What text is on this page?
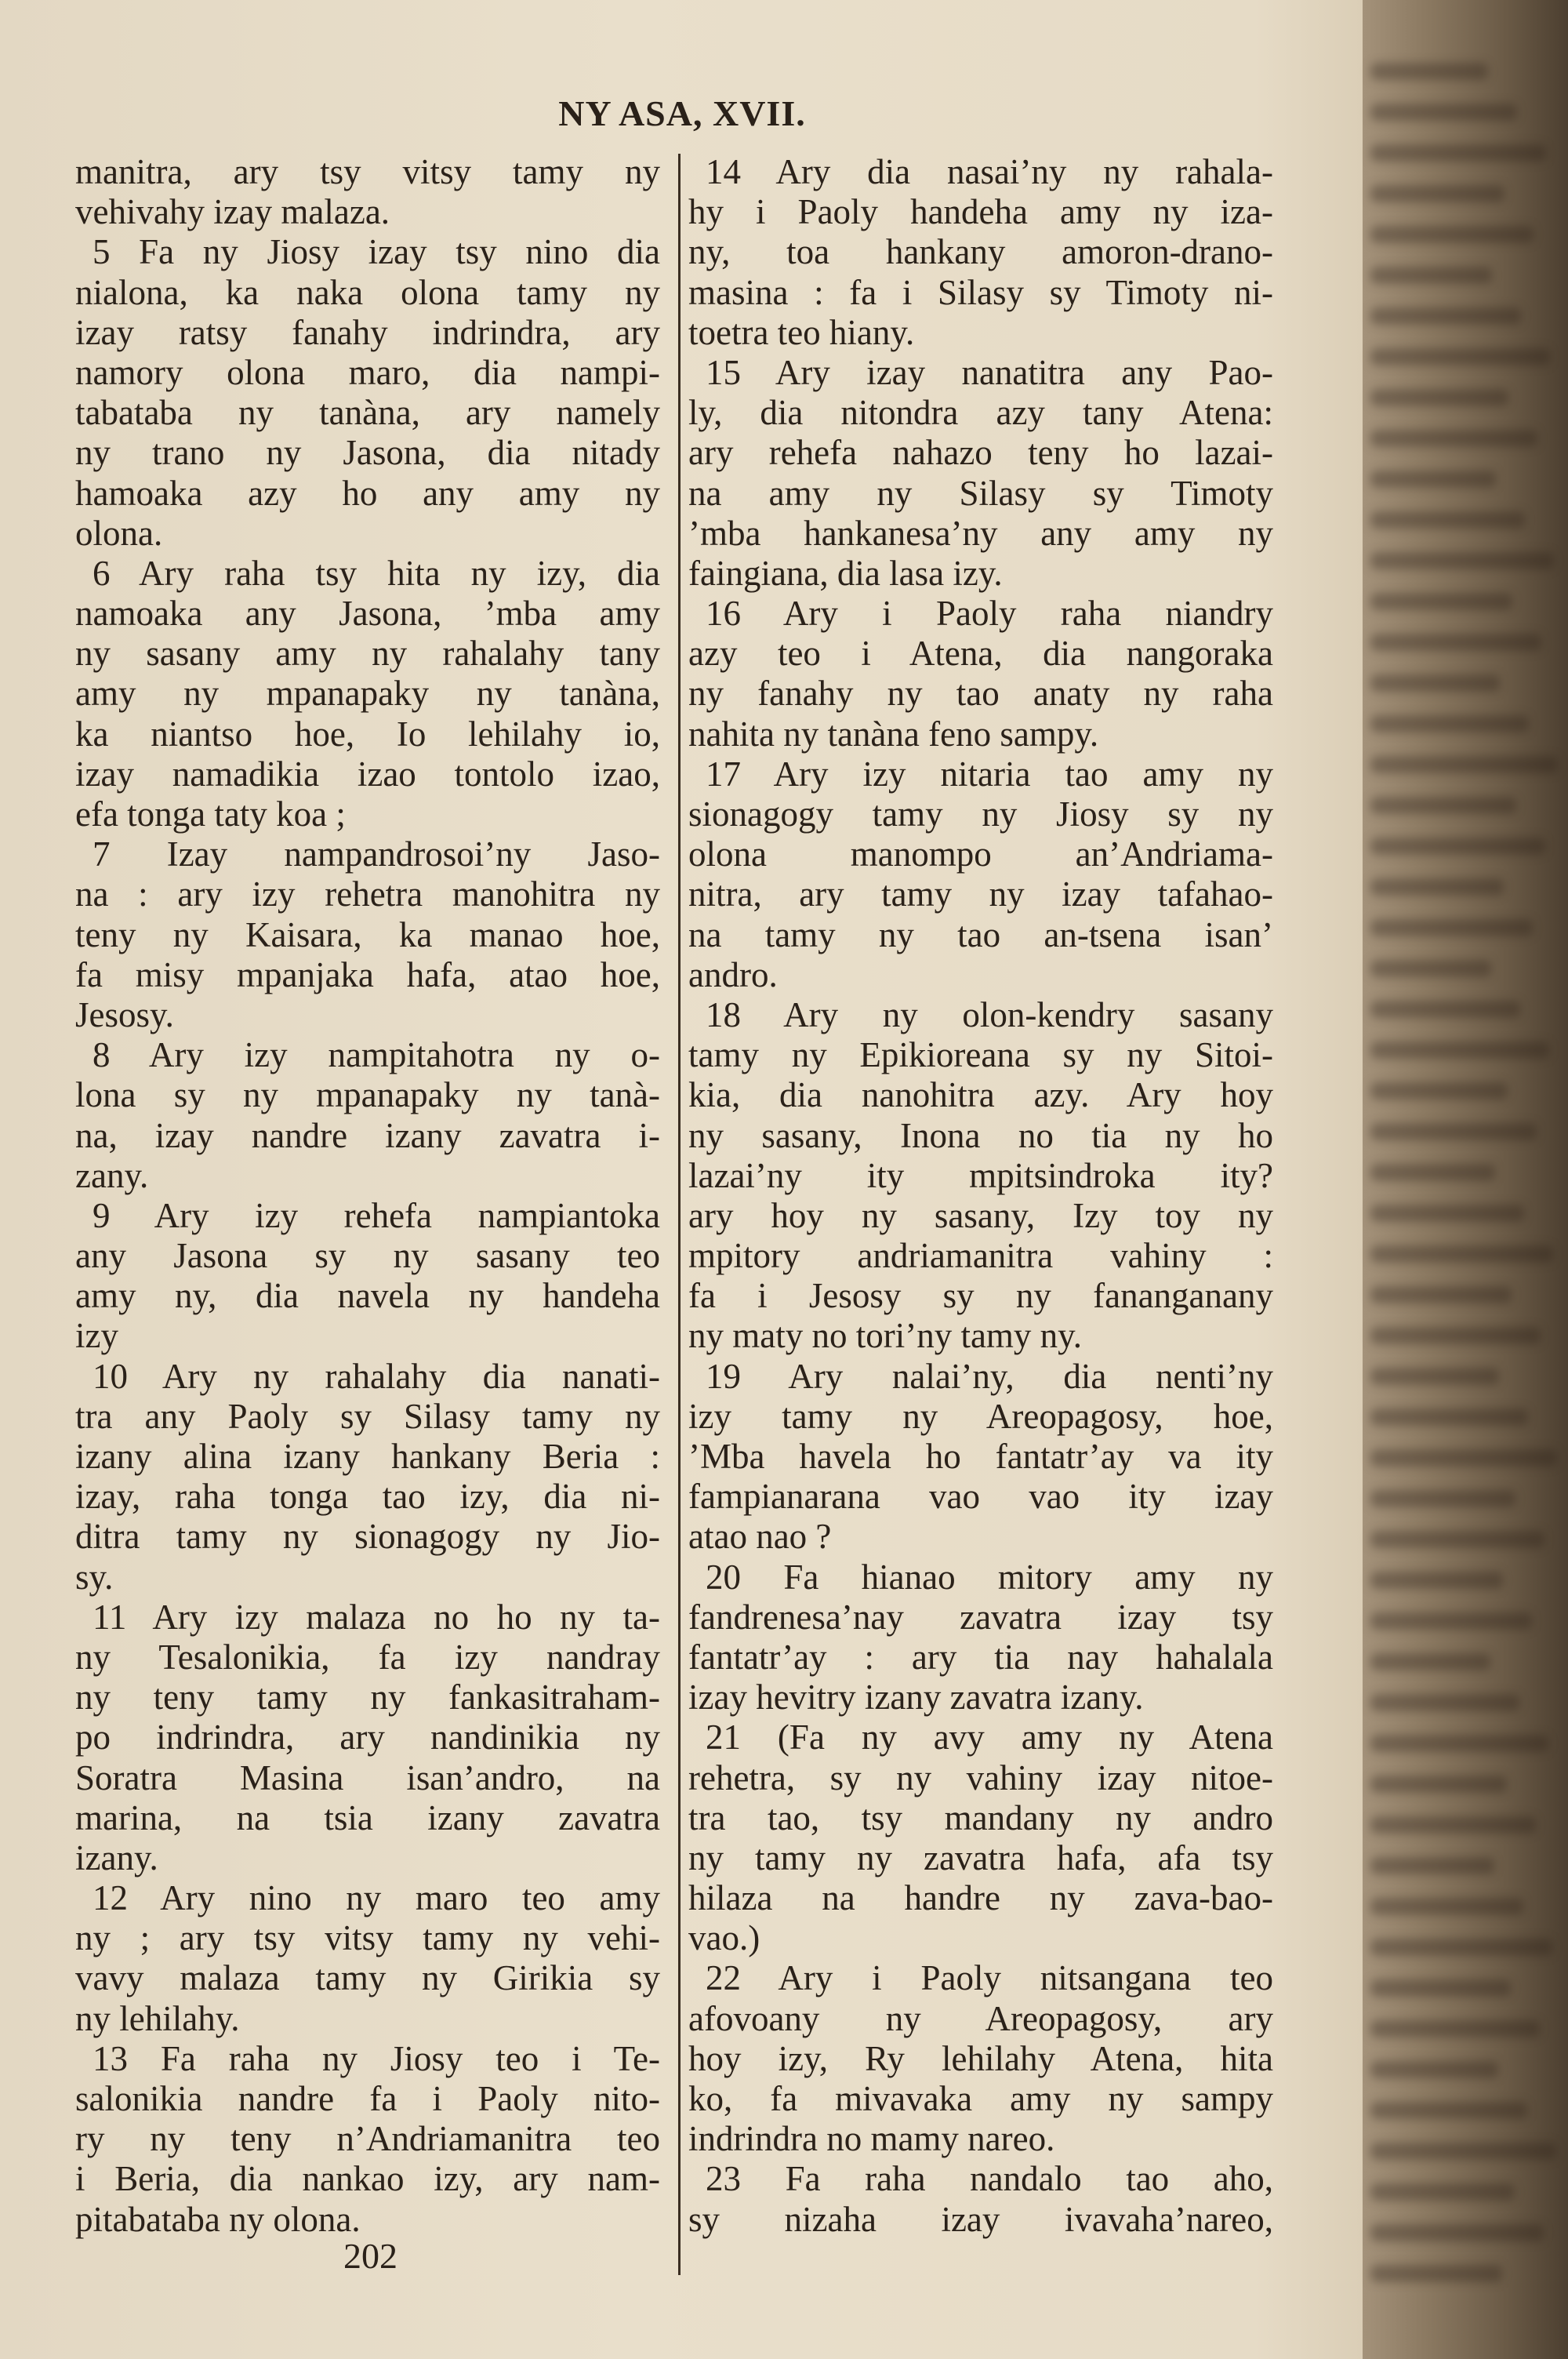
NY ASA, XVII.
manitra, ary tsy vitsy tamy ny
vehivahy izay malaza.
5 Fa ny Jiosy izay tsy nino dia
nialona, ka naka olona tamy ny
izay ratsy fanahy indrindra, ary
namory olona maro, dia nampi-
tabataba ny tanàna, ary namely
ny trano ny Jasona, dia nitady
hamoaka azy ho any amy ny
olona.
6 Ary raha tsy hita ny izy, dia
namoaka any Jasona, ’mba amy
ny sasany amy ny rahalahy tany
amy ny mpanapaky ny tanàna,
ka niantso hoe, Io lehilahy io,
izay namadikia izao tontolo izao,
efa tonga taty koa ;
7 Izay nampandrosoi’ny Jaso-
na : ary izy rehetra manohitra ny
teny ny Kaisara, ka manao hoe,
fa misy mpanjaka hafa, atao hoe,
Jesosy.
8 Ary izy nampitahotra ny o-
lona sy ny mpanapaky ny tanà-
na, izay nandre izany zavatra i-
zany.
9 Ary izy rehefa nampiantoka
any Jasona sy ny sasany teo
amy ny, dia navela ny handeha
izy
10 Ary ny rahalahy dia nanati-
tra any Paoly sy Silasy tamy ny
izany alina izany hankany Beria :
izay, raha tonga tao izy, dia ni-
ditra tamy ny sionagogy ny Jio-
sy.
11 Ary izy malaza no ho ny ta-
ny Tesalonikia, fa izy nandray
ny teny tamy ny fankasitraham-
po indrindra, ary nandinikia ny
Soratra Masina isan’andro, na
marina, na tsia izany zavatra
izany.
12 Ary nino ny maro teo amy
ny ; ary tsy vitsy tamy ny vehi-
vavy malaza tamy ny Girikia sy
ny lehilahy.
13 Fa raha ny Jiosy teo i Te-
salonikia nandre fa i Paoly nito-
ry ny teny n’Andriamanitra teo
i Beria, dia nankao izy, ary nam-
pitabataba ny olona.
14 Ary dia nasai’ny ny rahala-
hy i Paoly handeha amy ny iza-
ny, toa hankany amoron-drano-
masina : fa i Silasy sy Timoty ni-
toetra teo hiany.
15 Ary izay nanatitra any Pao-
ly, dia nitondra azy tany Atena:
ary rehefa nahazo teny ho lazai-
na amy ny Silasy sy Timoty
’mba hankanesa’ny any amy ny
faingiana, dia lasa izy.
16 Ary i Paoly raha niandry
azy teo i Atena, dia nangoraka
ny fanahy ny tao anaty ny raha
nahita ny tanàna feno sampy.
17 Ary izy nitaria tao amy ny
sionagogy tamy ny Jiosy sy ny
olona manompo an’Andriama-
nitra, ary tamy ny izay tafahao-
na tamy ny tao an-tsena isan’
andro.
18 Ary ny olon-kendry sasany
tamy ny Epikioreana sy ny Sitoi-
kia, dia nanohitra azy. Ary hoy
ny sasany, Inona no tia ny ho
lazai’ny ity mpitsindroka ity?
ary hoy ny sasany, Izy toy ny
mpitory andriamanitra vahiny :
fa i Jesosy sy ny fananganany
ny maty no tori’ny tamy ny.
19 Ary nalai’ny, dia nenti’ny
izy tamy ny Areopagosy, hoe,
’Mba havela ho fantatr’ay va ity
fampianarana vao vao ity izay
atao nao ?
20 Fa hianao mitory amy ny
fandrenesa’nay zavatra izay tsy
fantatr’ay : ary tia nay hahalala
izay hevitry izany zavatra izany.
21 (Fa ny avy amy ny Atena
rehetra, sy ny vahiny izay nitoe-
tra tao, tsy mandany ny andro
ny tamy ny zavatra hafa, afa tsy
hilaza na handre ny zava-bao-
vao.)
22 Ary i Paoly nitsangana teo
afovoany ny Areopagosy, ary
hoy izy, Ry lehilahy Atena, hita
ko, fa mivavaka amy ny sampy
indrindra no mamy nareo.
23 Fa raha nandalo tao aho,
sy nizaha izay ivavaha’nareo,
202
